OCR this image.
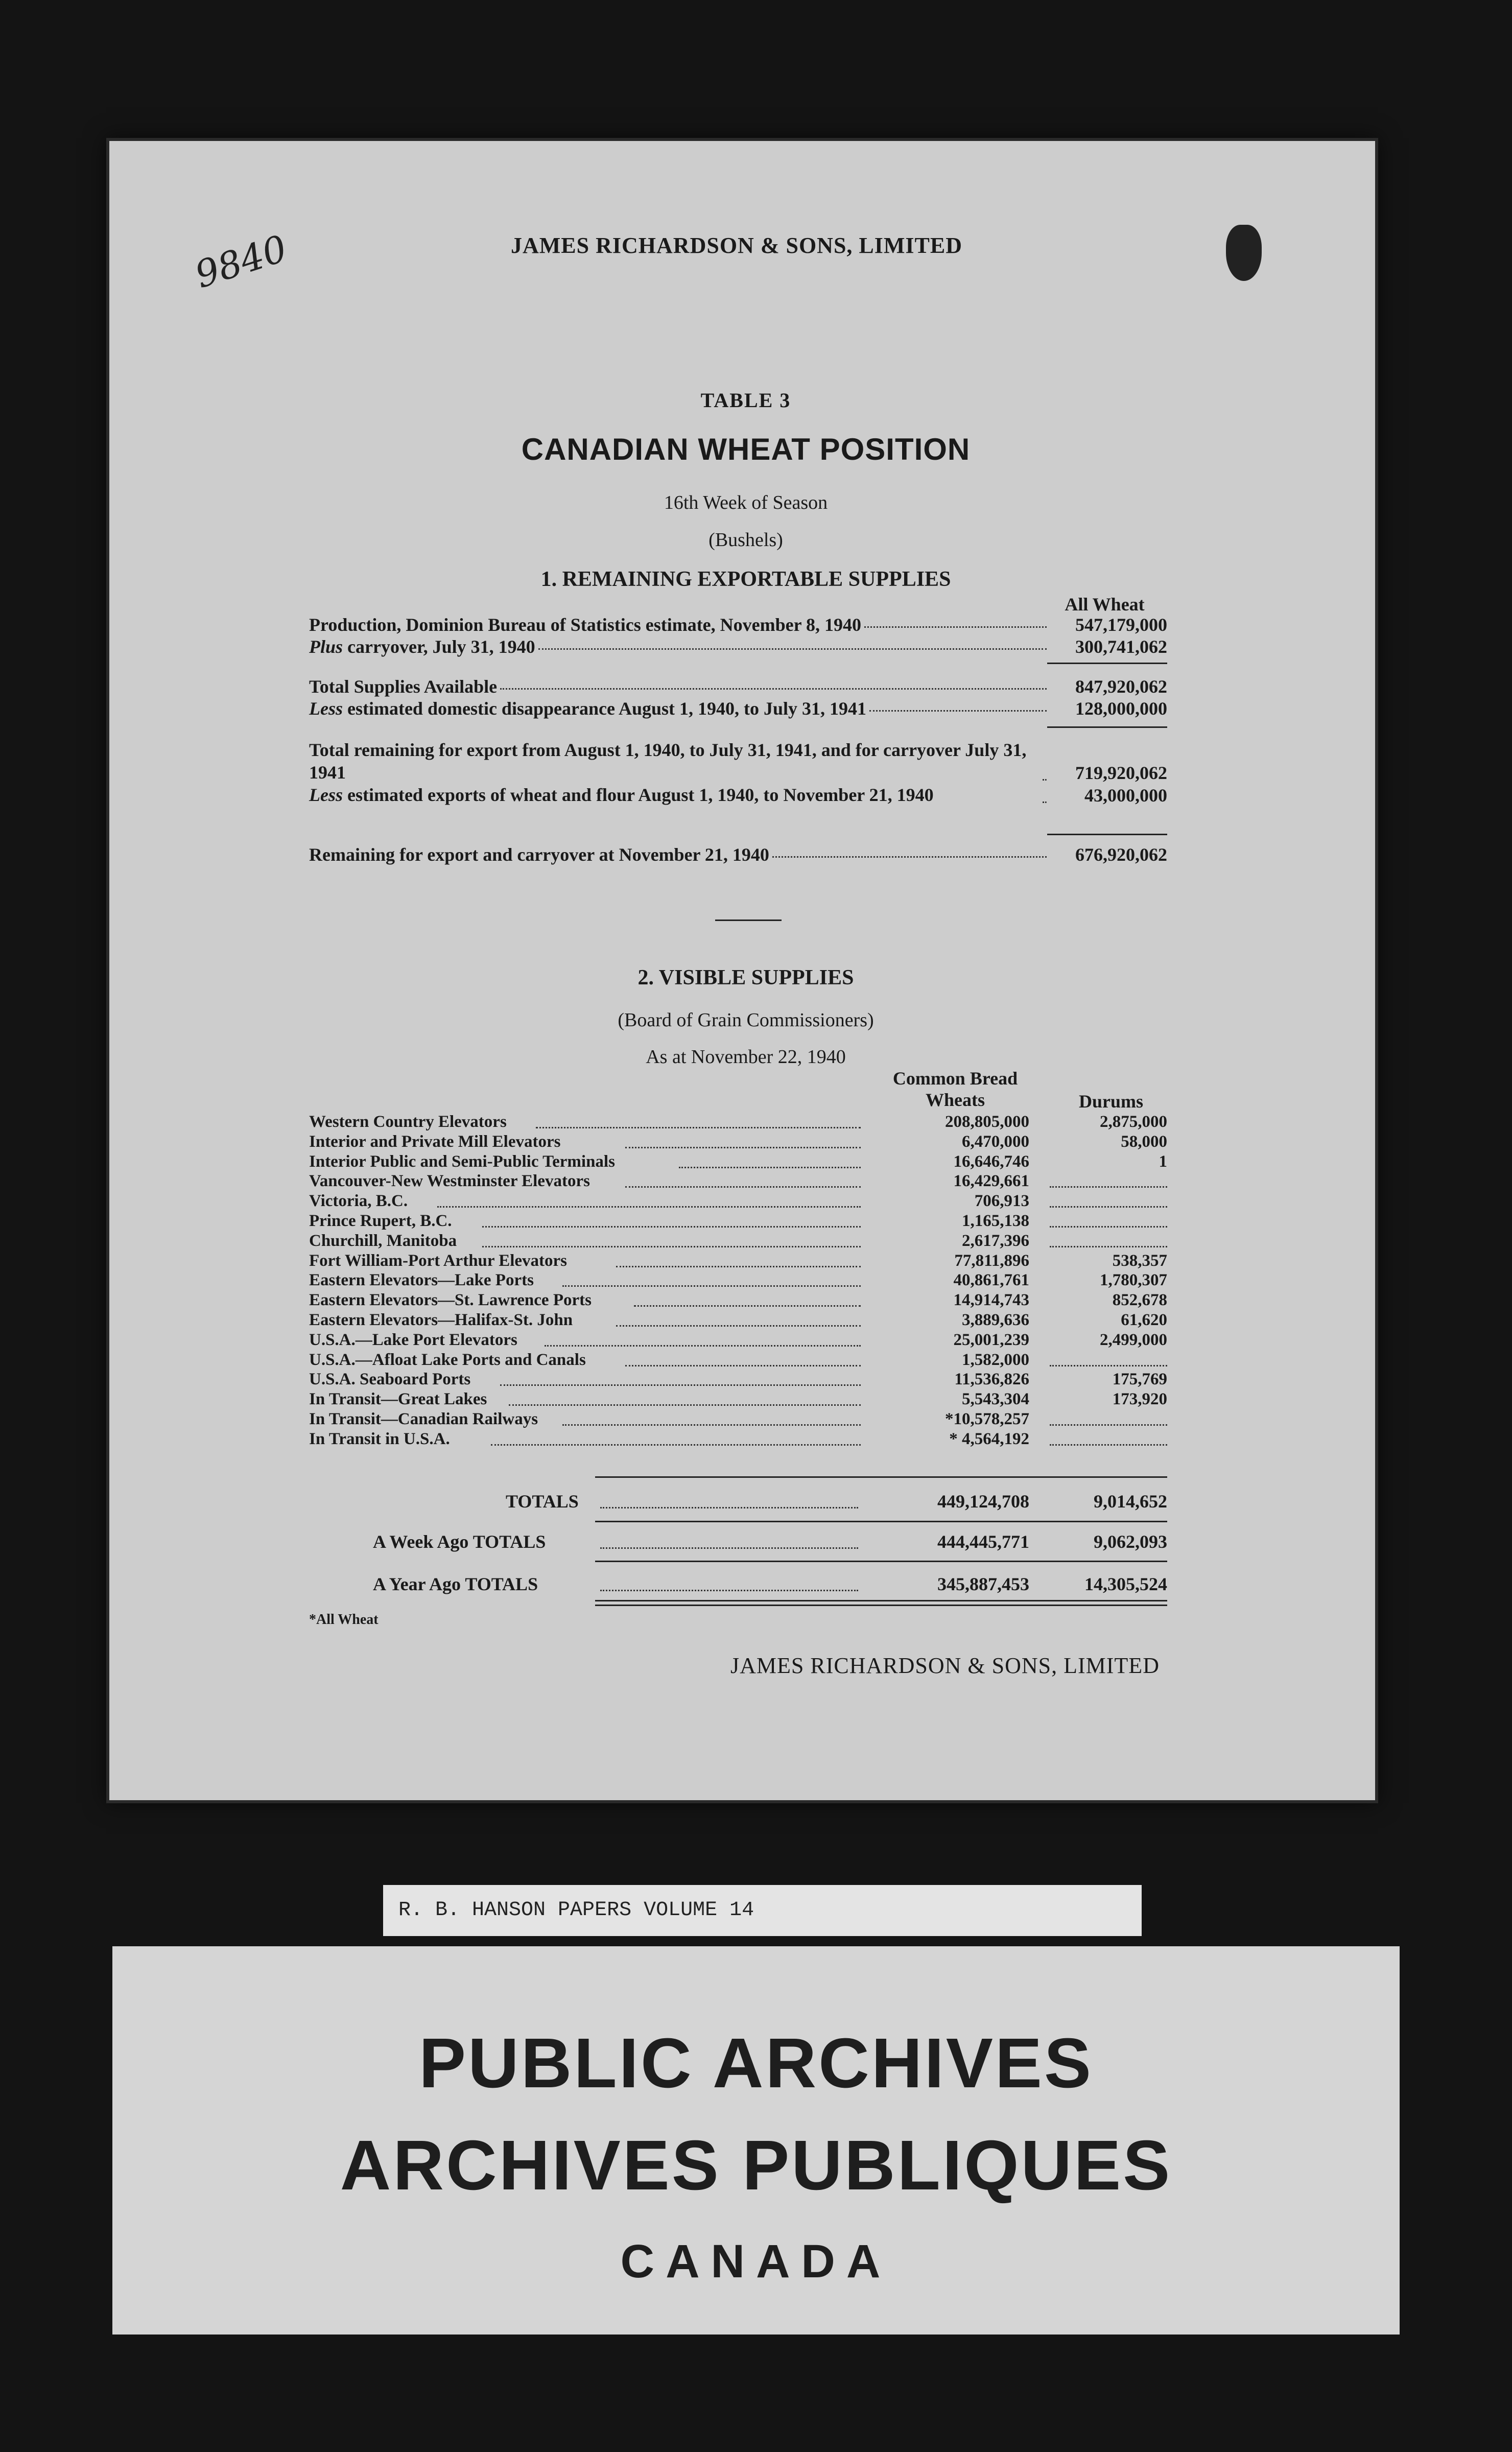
9840	JAMES RICHARDSON & SONS, LIMITED
TABLE 3
CANADIAN WHEAT POSITION
16th Week of Season
(Bushels)
1. REMAINING EXPORTABLE SUPPLIES
All Wheat
Production, Dominion Bureau of Statistics estimate, November 8, 1940	547,179,000
Plus carryover, July 31, 1940	300,741,062
Total Supplies Available	847,920,062
Less estimated domestic disappearance August 1, 1940, to July 31, 1941	128,000,000
Total remaining for export from August 1, 1940, to July 31, 1941, and for carryover July 31, 1941	719,920,062
Less estimated exports of wheat and flour August 1, 1940, to November 21, 1940	43,000,000
Remaining for export and carryover at November 21, 1940	676,920,062
2. VISIBLE SUPPLIES
(Board of Grain Commissioners)
As at November 22, 1940
Common Bread Wheats	Durums
Western Country Elevators	208,805,000	2,875,000
Interior and Private Mill Elevators	6,470,000	58,000
Interior Public and Semi-Public Terminals	16,646,746	1
Vancouver-New Westminster Elevators	16,429,661
Victoria, B.C.	706,913
Prince Rupert, B.C.	1,165,138
Churchill, Manitoba	2,617,396
Fort William-Port Arthur Elevators	77,811,896	538,357
Eastern Elevators—Lake Ports	40,861,761	1,780,307
Eastern Elevators—St. Lawrence Ports	14,914,743	852,678
Eastern Elevators—Halifax-St. John	3,889,636	61,620
U.S.A.—Lake Port Elevators	25,001,239	2,499,000
U.S.A.—Afloat Lake Ports and Canals	1,582,000
U.S.A. Seaboard Ports	11,536,826	175,769
In Transit—Great Lakes	5,543,304	173,920
In Transit—Canadian Railways	*10,578,257
In Transit in U.S.A.	* 4,564,192
TOTALS	449,124,708	9,014,652
A Week Ago TOTALS	444,445,771	9,062,093
A Year Ago TOTALS	345,887,453	14,305,524
*All Wheat
JAMES RICHARDSON & SONS, LIMITED
R. B. HANSON PAPERS VOLUME 14
PUBLIC ARCHIVES
ARCHIVES PUBLIQUES
CANADA
